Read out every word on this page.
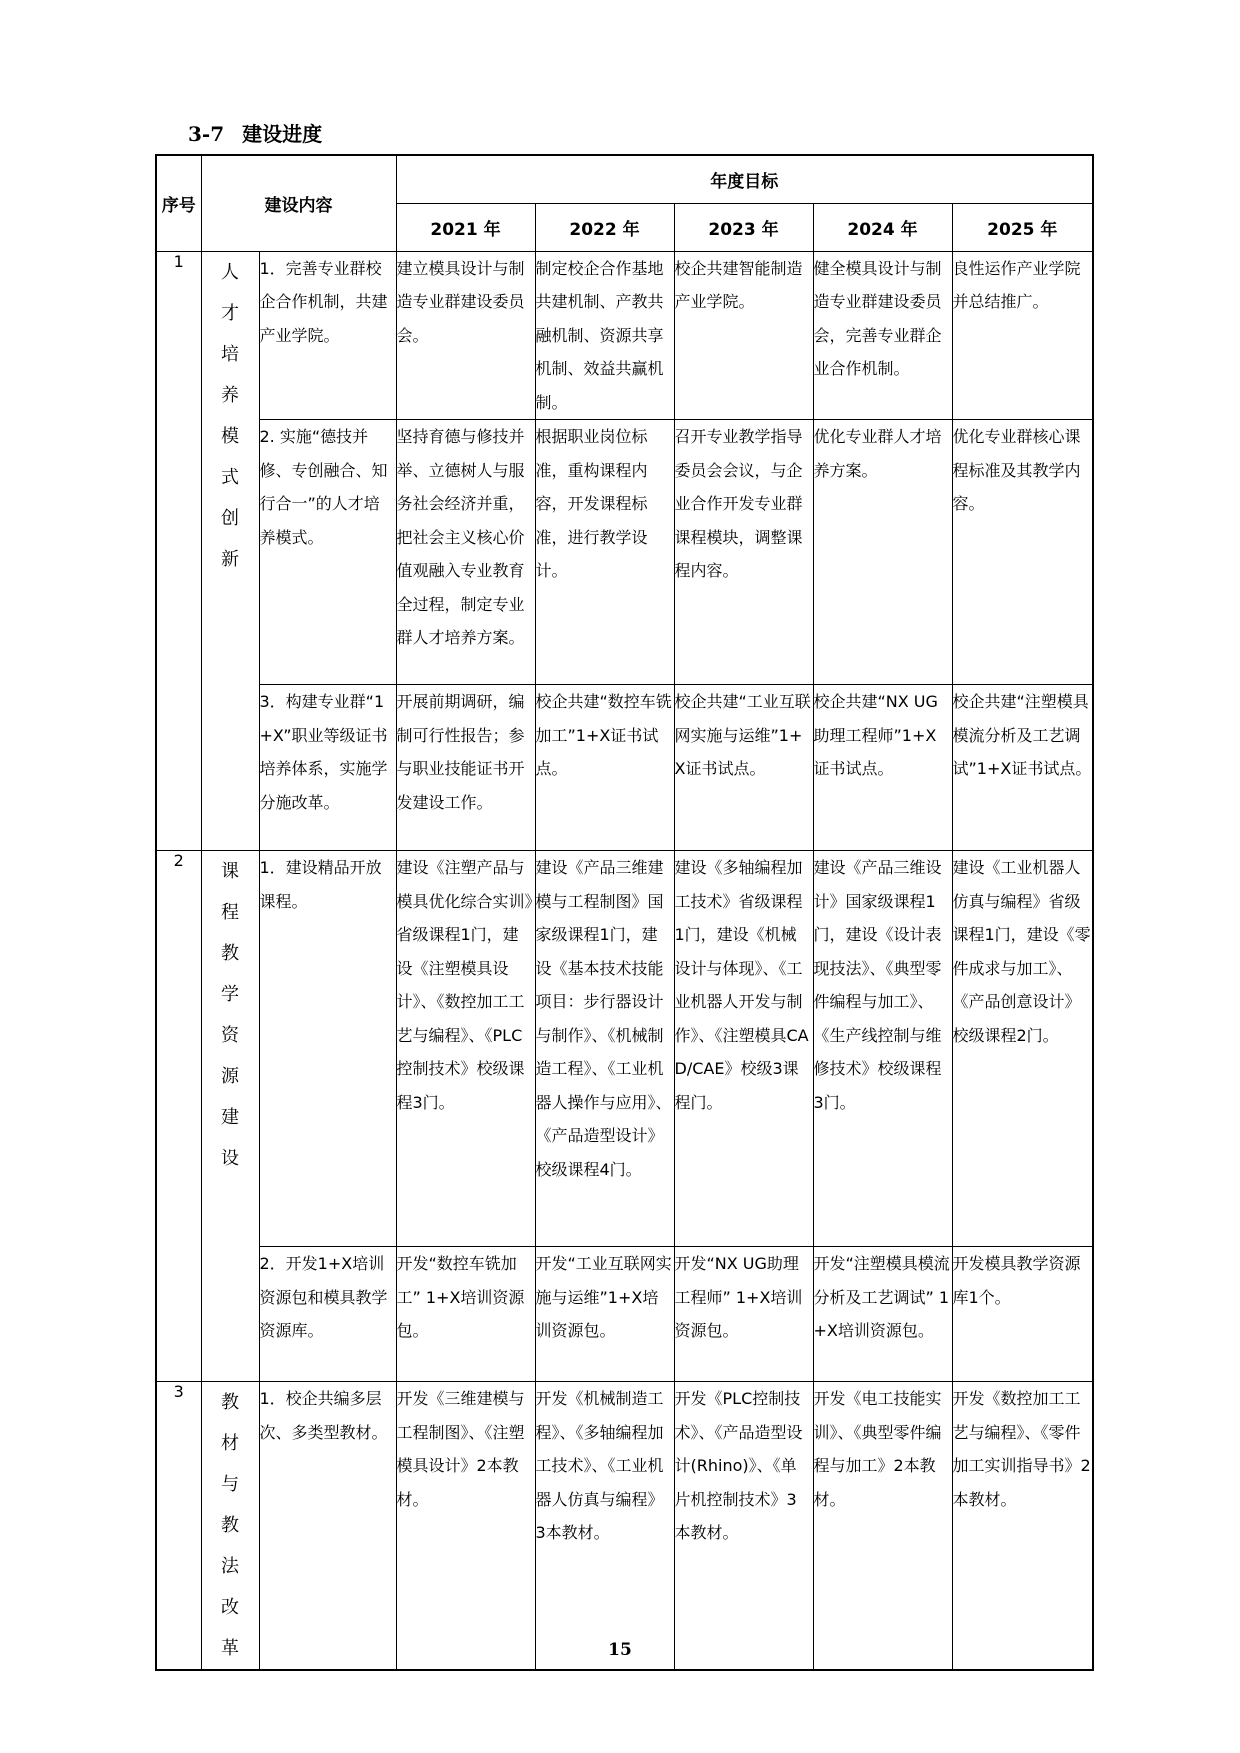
3-7 建设进度
序号	建设内容		年度目标				
			2021 年	2022 年	2023 年	2024 年	2025 年
1	人才培养模式创新	1．完善专业群校企合作机制，共建产业学院。	建立模具设计与制造专业群建设委员会。	制定校企合作基地共建机制、产教共融机制、资源共享机制、效益共赢机制。	校企共建智能制造产业学院。	健全模具设计与制造专业群建设委员会，完善专业群企业合作机制。	良性运作产业学院并总结推广。
		2. 实施“德技并修、专创融合、知行合一”的人才培养模式。	坚持育德与修技并举、立德树人与服务社会经济并重，把社会主义核心价值观融入专业教育全过程，制定专业群人才培养方案。	根据职业岗位标准，重构课程内容，开发课程标准，进行教学设计。	召开专业教学指导委员会会议，与企业合作开发专业群课程模块，调整课程内容。	优化专业群人才培养方案。	优化专业群核心课程标准及其教学内容。
		3．构建专业群“1+X”职业等级证书培养体系，实施学分施改革。	开展前期调研，编制可行性报告；参与职业技能证书开发建设工作。	校企共建“数控车铣加工”1+X证书试点。	校企共建“工业互联网实施与运维”1+X证书试点。	校企共建“NX UG助理工程师”1+X证书试点。	校企共建“注塑模具模流分析及工艺调试”1+X证书试点。
2	课程教学资源建设	1．建设精品开放课程。	建设《注塑产品与模具优化综合实训》省级课程1门，建设《注塑模具设计》、《数控加工工艺与编程》、《PLC控制技术》校级课程3门。	建设《产品三维建模与工程制图》国家级课程1门，建设《基本技术技能项目：步行器设计与制作》、《机械制造工程》、《工业机器人操作与应用》、《产品造型设计》校级课程4门。	建设《多轴编程加工技术》省级课程1门，建设《机械设计与体现》、《工业机器人开发与制作》、《注塑模具CAD/CAE》校级3课程门。	建设《产品三维设计》国家级课程1门，建设《设计表现技法》、《典型零件编程与加工》、《生产线控制与维修技术》校级课程3门。	建设《工业机器人仿真与编程》省级课程1门，建设《零件成求与加工》、《产品创意设计》校级课程2门。
		2．开发1+X培训资源包和模具教学资源库。	开发“数控车铣加工” 1+X培训资源包。	开发“工业互联网实施与运维”1+X培训资源包。	开发“NX UG助理工程师” 1+X培训资源包。	开发“注塑模具模流分析及工艺调试” 1+X培训资源包。	开发模具教学资源库1个。
3	教材与教法改革	1．校企共编多层次、多类型教材。	开发《三维建模与工程制图》、《注塑模具设计》2本教材。	开发《机械制造工程》、《多轴编程加工技术》、《工业机器人仿真与编程》3本教材。	开发《PLC控制技术》、《产品造型设计(Rhino)》、《单片机控制技术》3本教材。	开发《电工技能实训》、《典型零件编程与加工》2本教材。	开发《数控加工工艺与编程》、《零件加工实训指导书》2本教材。
15
